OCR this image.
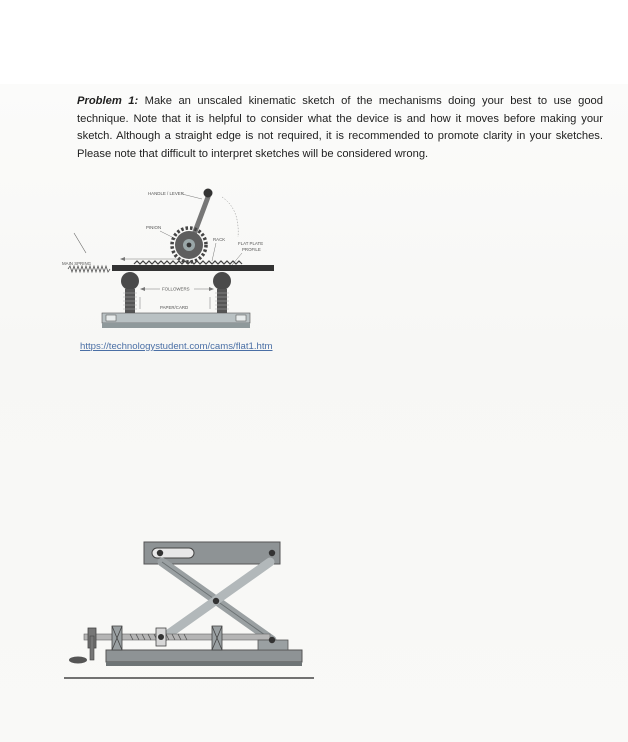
Problem 1: Make an unscaled kinematic sketch of the mechanisms doing your best to use good technique. Note that it is helpful to consider what the device is and how it moves before making your sketch. Although a straight edge is not required, it is recommended to promote clarity in your sketches. Please note that difficult to interpret sketches will be considered wrong.
HANDLE / LEVER
PINION
RACK
FLAT PLATE
PROFILE
MAIN SPRING
FOLLOWERS
PAPER/CARD
https://technologystudent.com/cams/flat1.htm
